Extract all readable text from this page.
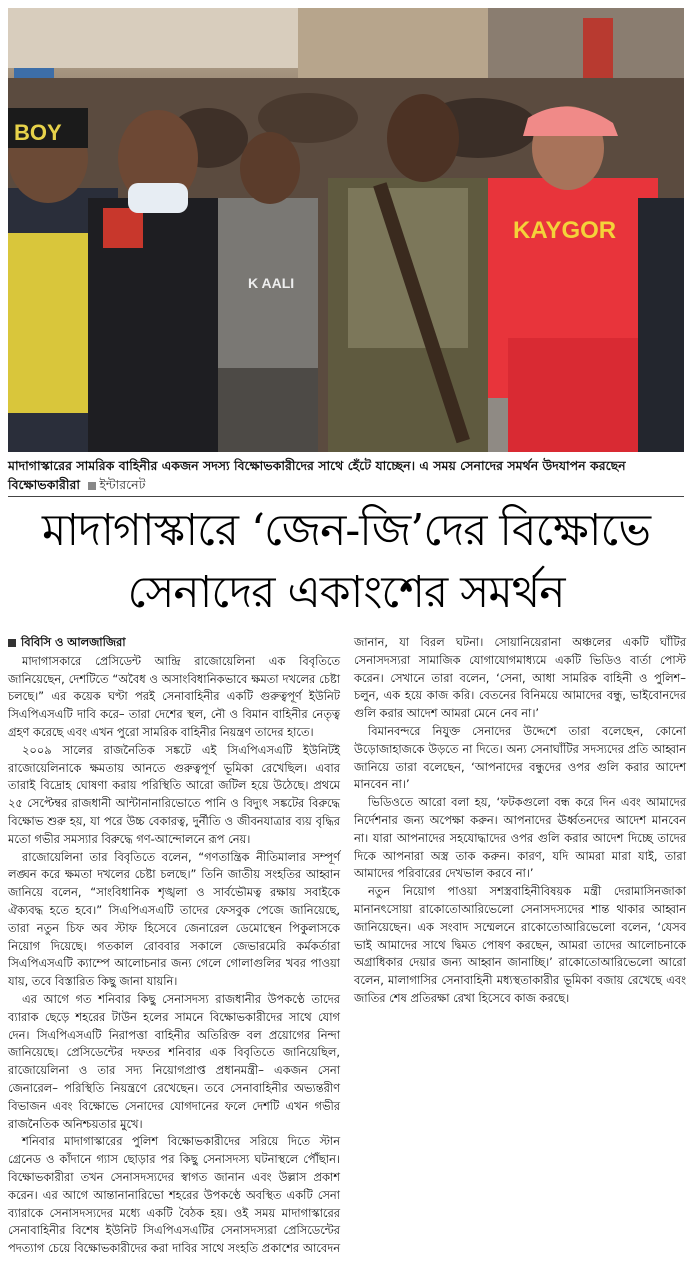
BOY
K AALI
KAYGOR
মাদাগাস্কারের সামরিক বাহিনীর একজন সদস্য বিক্ষোভকারীদের সাথে হেঁটে যাচ্ছেন। এ সময় সেনাদের সমর্থন উদযাপন করছেন বিক্ষোভকারীরা ইন্টারনেট
মাদাগাস্কারে ‘জেন-জি’দের বিক্ষোভে
সেনাদের একাংশের সমর্থন

বিবিসি ও আলজাজিরা

মাদাগাসকারে প্রেসিডেন্ট আন্দ্রি রাজোয়েলিনা এক বিবৃতিতে জানিয়েছেন, দেশটিতে “অবৈধ ও অসাংবিধানিকভাবে ক্ষমতা দখলের চেষ্টা চলছে।” এর কয়েক ঘণ্টা পরই সেনাবাহিনীর একটি গুরুত্বপূর্ণ ইউনিট সিএপিএসএটি দাবি করে– তারা দেশের স্থল, নৌ ও বিমান বাহিনীর নেতৃত্ব গ্রহণ করেছে এবং এখন পুরো সামরিক বাহিনীর নিয়ন্ত্রণ তাদের হাতে।

২০০৯ সালের রাজনৈতিক সঙ্কটে এই সিএপিএসএটি ইউনিটই রাজোয়েলিনাকে ক্ষমতায় আনতে গুরুত্বপূর্ণ ভূমিকা রেখেছিল। এবার তারাই বিদ্রোহ ঘোষণা করায় পরিস্থিতি আরো জটিল হয়ে উঠেছে। প্রথমে ২৫ সেপ্টেম্বর রাজধানী আন্টানানারিভোতে পানি ও বিদ্যুৎ সঙ্কটের বিরুদ্ধে বিক্ষোভ শুরু হয়, যা পরে উচ্চ বেকারত্ব, দুর্নীতি ও জীবনযাত্রার ব্যয় বৃদ্ধির মতো গভীর সমস্যার বিরুদ্ধে গণ-আন্দোলনে রূপ নেয়।

রাজোয়েলিনা তার বিবৃতিতে বলেন, “গণতান্ত্রিক নীতিমালার সম্পূর্ণ লঙ্ঘন করে ক্ষমতা দখলের চেষ্টা চলছে।” তিনি জাতীয় সংহতির আহ্বান জানিয়ে বলেন, “সাংবিধানিক শৃঙ্খলা ও সার্বভৌমত্ব রক্ষায় সবাইকে ঐক্যবদ্ধ হতে হবে।” সিএপিএসএটি তাদের ফেসবুক পেজে জানিয়েছে, তারা নতুন চিফ অব স্টাফ হিসেবে জেনারেল ডেমোস্থেন পিকুলাসকে নিয়োগ দিয়েছে। গতকাল রোববার সকালে জেভারমেরি কর্মকর্তারা সিএপিএসএটি ক্যাম্পে আলোচনার জন্য গেলে গোলাগুলির খবর পাওয়া যায়, তবে বিস্তারিত কিছু জানা যায়নি।

এর আগে গত শনিবার কিছু সেনাসদস্য রাজধানীর উপকণ্ঠে তাদের ব্যারাক ছেড়ে শহরের টাউন হলের সামনে বিক্ষোভকারীদের সাথে যোগ দেন। সিএপিএসএটি নিরাপত্তা বাহিনীর অতিরিক্ত বল প্রয়োগের নিন্দা জানিয়েছে। প্রেসিডেন্টের দফতর শনিবার এক বিবৃতিতে জানিয়েছিল, রাজোয়েলিনা ও তার সদ্য নিয়োগপ্রাপ্ত প্রধানমন্ত্রী– একজন সেনা জেনারেল– পরিস্থিতি নিয়ন্ত্রণে রেখেছেন। তবে সেনাবাহিনীর অভ্যন্তরীণ বিভাজন এবং বিক্ষোভে সেনাদের যোগদানের ফলে দেশটি এখন গভীর রাজনৈতিক অনিশ্চয়তার মুখে।

শনিবার মাদাগাস্কারের পুলিশ বিক্ষোভকারীদের সরিয়ে দিতে স্টান গ্রেনেড ও কাঁদানে গ্যাস ছোড়ার পর কিছু সেনাসদস্য ঘটনাস্থলে পৌঁছান। বিক্ষোভকারীরা তখন সেনাসদস্যদের স্বাগত জানান এবং উল্লাস প্রকাশ করেন। এর আগে আন্তানানারিভো শহরের উপকণ্ঠে অবস্থিত একটি সেনা ব্যারাকে সেনাসদস্যদের মধ্যে একটি বৈঠক হয়। ওই সময় মাদাগাস্কারের সেনাবাহিনীর বিশেষ ইউনিট সিএপিএসএটির সেনাসদস্যরা প্রেসিডেন্টের পদত্যাগ চেয়ে বিক্ষোভকারীদের করা দাবির সাথে সংহতি প্রকাশের আবেদন জানান, যা বিরল ঘটনা। সোয়ানিয়েরানা অঞ্চলের একটি ঘাঁটির সেনাসদস্যরা সামাজিক যোগাযোগমাধ্যমে একটি ভিডিও বার্তা পোস্ট করেন। সেখানে তারা বলেন, ‘সেনা, আধা সামরিক বাহিনী ও পুলিশ– চলুন, এক হয়ে কাজ করি। বেতনের বিনিময়ে আমাদের বন্ধু, ভাইবোনদের গুলি করার আদেশ আমরা মেনে নেব না।’

বিমানবন্দরে নিযুক্ত সেনাদের উদ্দেশে তারা বলেছেন, কোনো উড়োজাহাজকে উড়তে না দিতে। অন্য সেনাঘাঁটির সদস্যদের প্রতি আহ্বান জানিয়ে তারা বলেছেন, ‘আপনাদের বন্ধুদের ওপর গুলি করার আদেশ মানবেন না।’

ভিডিওতে আরো বলা হয়, ‘ফটকগুলো বন্ধ করে দিন এবং আমাদের নির্দেশনার জন্য অপেক্ষা করুন। আপনাদের ঊর্ধ্বতনদের আদেশ মানবেন না। যারা আপনাদের সহযোদ্ধাদের ওপর গুলি করার আদেশ দিচ্ছে তাদের দিকে আপনারা অস্ত্র তাক করুন। কারণ, যদি আমরা মারা যাই, তারা আমাদের পরিবারের দেখভাল করবে না।’

নতুন নিয়োগ পাওয়া সশস্ত্রবাহিনীবিষয়ক মন্ত্রী দেরামাসিনজাকা মানানৎসোয়া রাকোতোআরিভেলো সেনাসদস্যদের শান্ত থাকার আহ্বান জানিয়েছেন। এক সংবাদ সম্মেলনে রাকোতোআরিভেলো বলেন, ‘যেসব ভাই আমাদের সাথে দ্বিমত পোষণ করছেন, আমরা তাদের আলোচনাকে অগ্রাধিকার দেয়ার জন্য আহ্বান জানাচ্ছি।’ রাকোতোআরিভেলো আরো বলেন, মালাগাসির সেনাবাহিনী মধ্যস্থতাকারীর ভূমিকা বজায় রেখেছে এবং জাতির শেষ প্রতিরক্ষা রেখা হিসেবে কাজ করছে।
